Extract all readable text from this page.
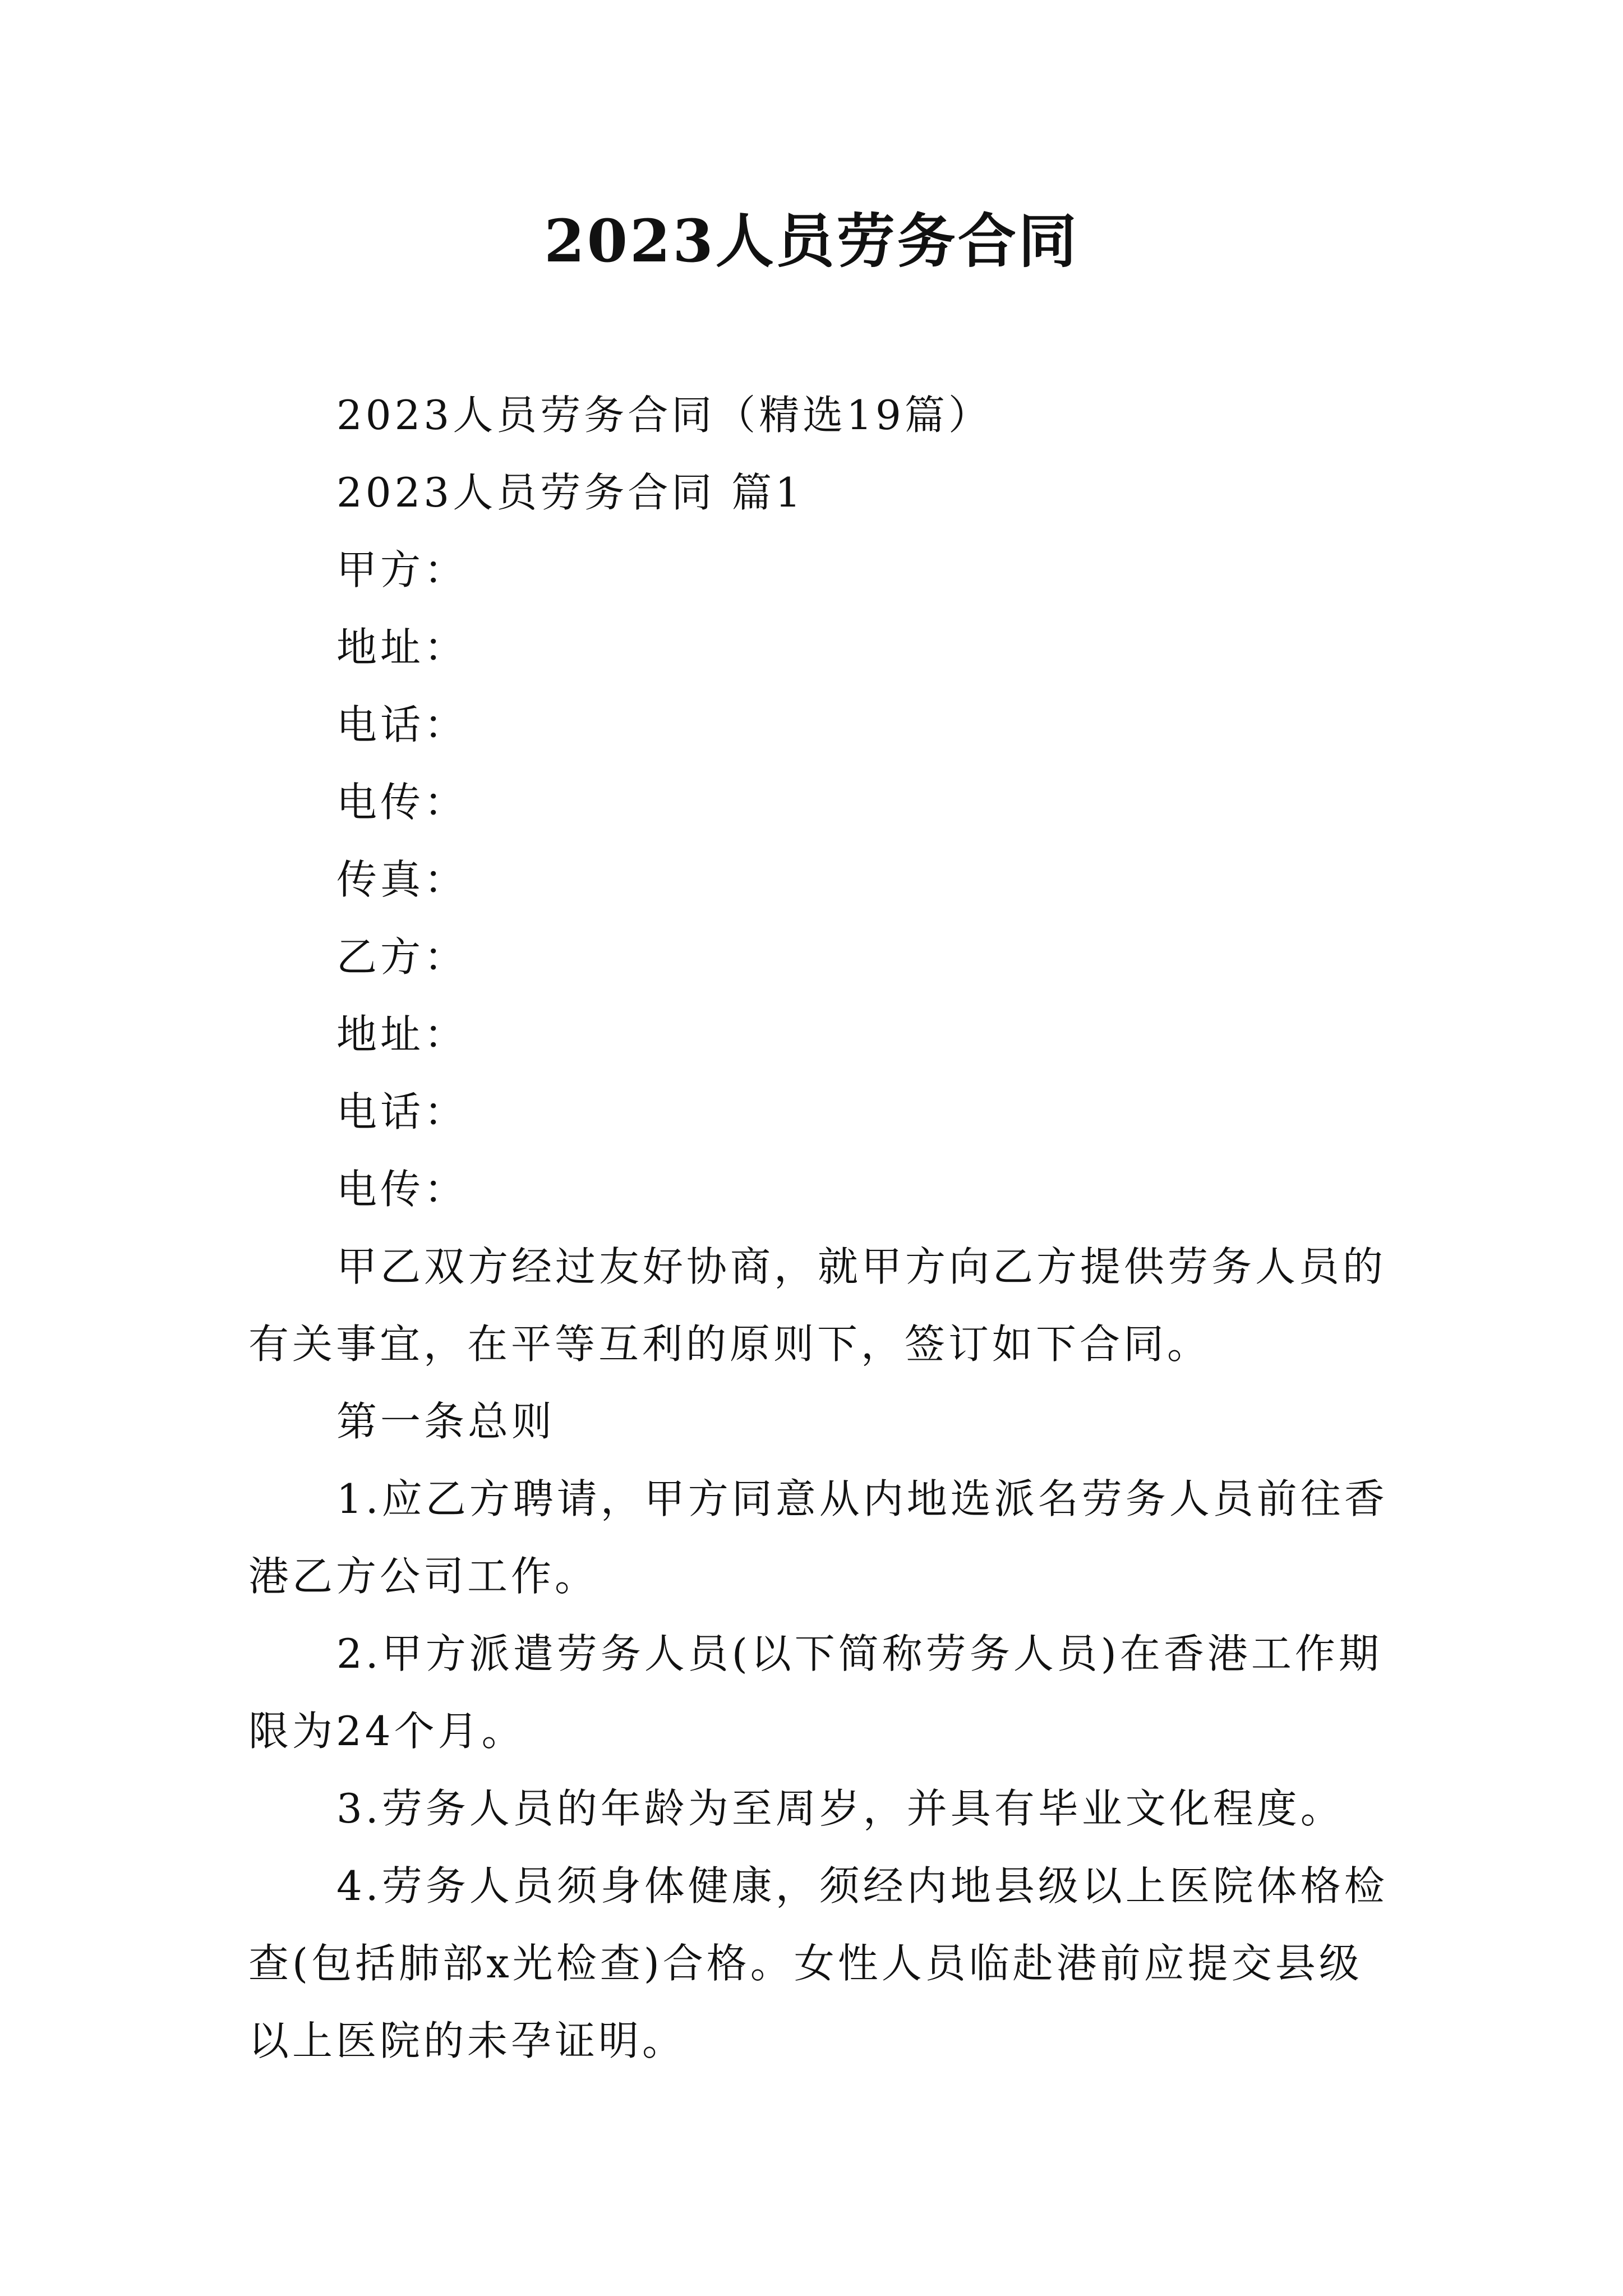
2023人员劳务合同
2023人员劳务合同（精选19篇）
2023人员劳务合同 篇1
甲方：
地址：
电话：
电传：
传真：
乙方：
地址：
电话：
电传：
甲乙双方经过友好协商，就甲方向乙方提供劳务人员的
有关事宜，在平等互利的原则下，签订如下合同。
第一条总则
1.应乙方聘请，甲方同意从内地选派名劳务人员前往香
港乙方公司工作。
2.甲方派遣劳务人员(以下简称劳务人员)在香港工作期
限为24个月。
3.劳务人员的年龄为至周岁，并具有毕业文化程度。
4.劳务人员须身体健康，须经内地县级以上医院体格检
查(包括肺部x光检查)合格。女性人员临赴港前应提交县级
以上医院的未孕证明。
